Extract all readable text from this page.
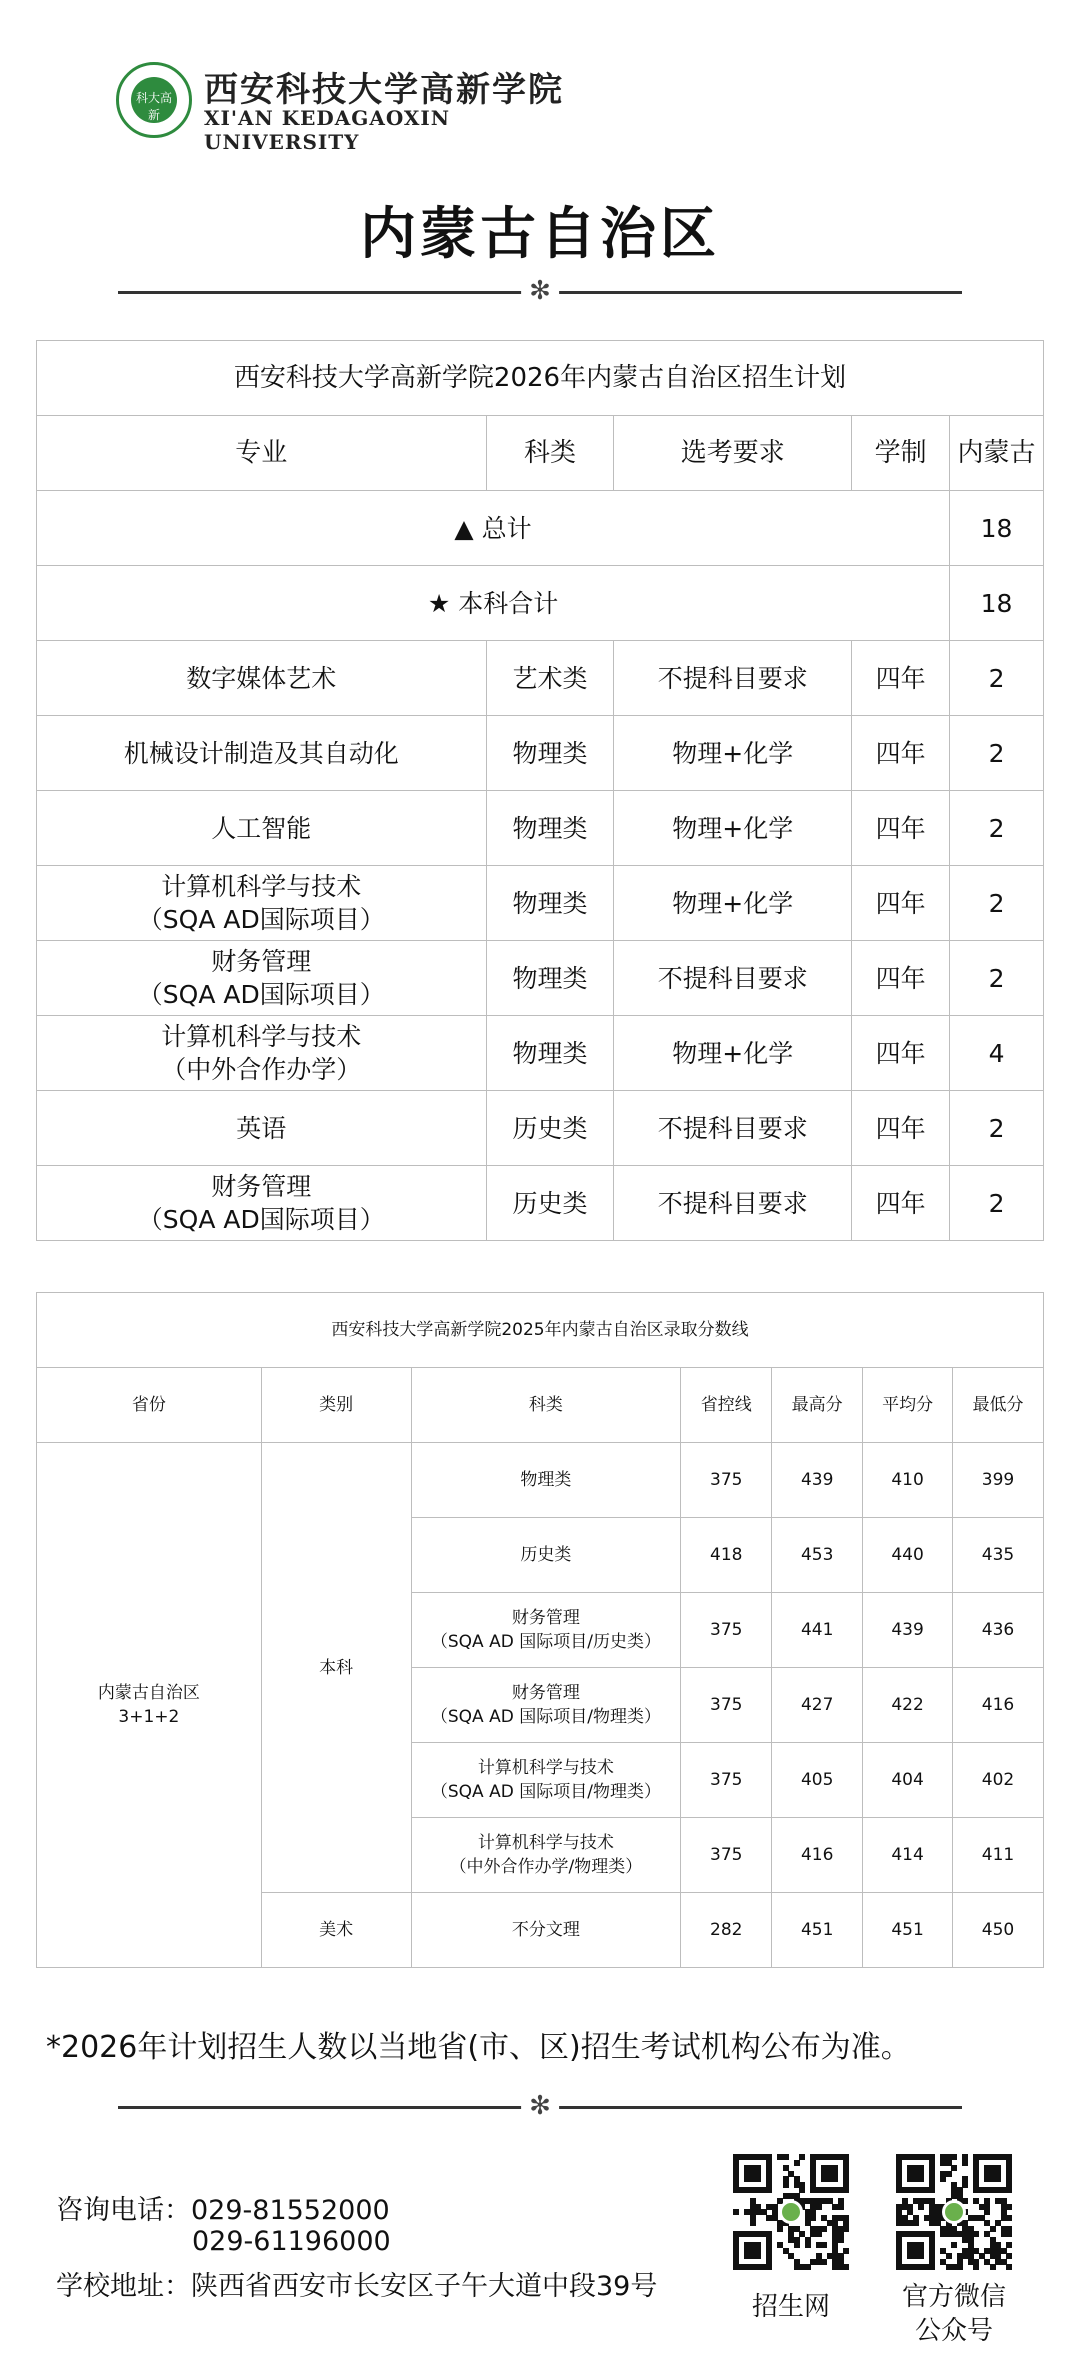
科大高新
西安科技大学高新学院
XI'AN KEDAGAOXIN UNIVERSITY
内蒙古自治区
✻
西安科技大学高新学院2026年内蒙古自治区招生计划				
专业	科类	选考要求	学制	内蒙古
▲ 总计				18
★ 本科合计				18

数字媒体艺术	艺术类	不提科目要求	四年	2

机械设计制造及其自动化	物理类	物理+化学	四年	2

人工智能	物理类	物理+化学	四年	2

计算机科学与技术
（SQA AD国际项目）	物理类	物理+化学	四年	2

财务管理
（SQA AD国际项目）	物理类	不提科目要求	四年	2

计算机科学与技术
（中外合作办学）	物理类	物理+化学	四年	4

英语	历史类	不提科目要求	四年	2

财务管理
（SQA AD国际项目）	历史类	不提科目要求	四年	2
西安科技大学高新学院2025年内蒙古自治区录取分数线						
省份	类别	科类	省控线	最高分	平均分	最低分

内蒙古自治区
3+1+2	本科	物理类	375	439	410	399

		历史类	418	453	440	435

		财务管理
（SQA AD 国际项目/历史类）	375	441	439	436

		财务管理
（SQA AD 国际项目/物理类）	375	427	422	416

		计算机科学与技术
（SQA AD 国际项目/物理类）	375	405	404	402

		计算机科学与技术
（中外合作办学/物理类）	375	416	414	411
	美术	不分文理	282	451	451	450
*2026年计划招生人数以当地省(市、区)招生考试机构公布为准。
✻
咨询电话：029-81552000
029-61196000
学校地址：陕西省西安市长安区子午大道中段39号
招生网	官方微信
公众号
